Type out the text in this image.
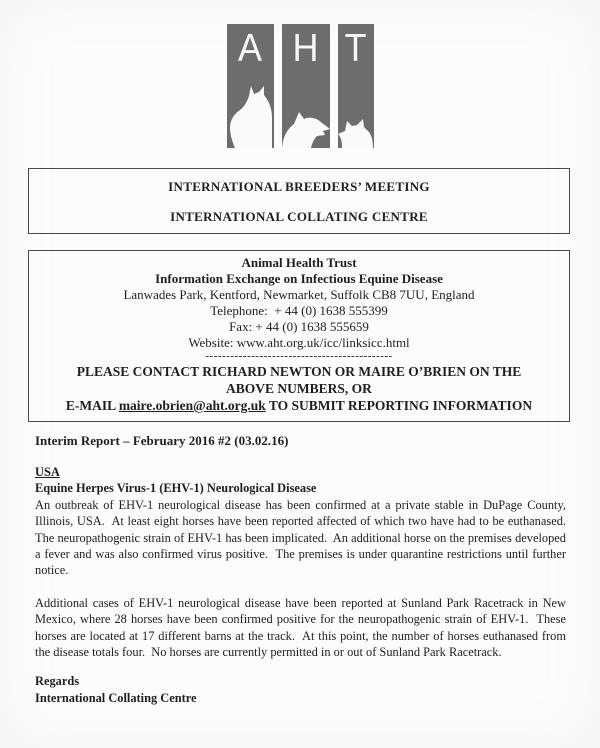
A H T

INTERNATIONAL BREEDERS’ MEETING

INTERNATIONAL COLLATING CENTRE

Animal Health Trust

Information Exchange on Infectious Equine Disease

Lanwades Park, Kentford, Newmarket, Suffolk CB8 7UU, England

Telephone:  + 44 (0) 1638 555399

Fax: + 44 (0) 1638 555659

Website: www.aht.org.uk/icc/linksicc.html

---------------------------------------------

PLEASE CONTACT RICHARD NEWTON OR MAIRE O’BRIEN ON THE ABOVE NUMBERS, OR

E-MAIL maire.obrien@aht.org.uk TO SUBMIT REPORTING INFORMATION

Interim Report – February 2016 #2 (03.02.16)

USA

Equine Herpes Virus-1 (EHV-1) Neurological Disease

An outbreak of EHV-1 neurological disease has been confirmed at a private stable in DuPage County, Illinois, USA.  At least eight horses have been reported affected of which two have had to be euthanased.  The neuropathogenic strain of EHV-1 has been implicated.  An additional horse on the premises developed a fever and was also confirmed virus positive.  The premises is under quarantine restrictions until further notice.

Additional cases of EHV-1 neurological disease have been reported at Sunland Park Racetrack in New Mexico, where 28 horses have been confirmed positive for the neuropathogenic strain of EHV-1.  These horses are located at 17 different barns at the track.  At this point, the number of horses euthanased from the disease totals four.  No horses are currently permitted in or out of Sunland Park Racetrack.

Regards

International Collating Centre
